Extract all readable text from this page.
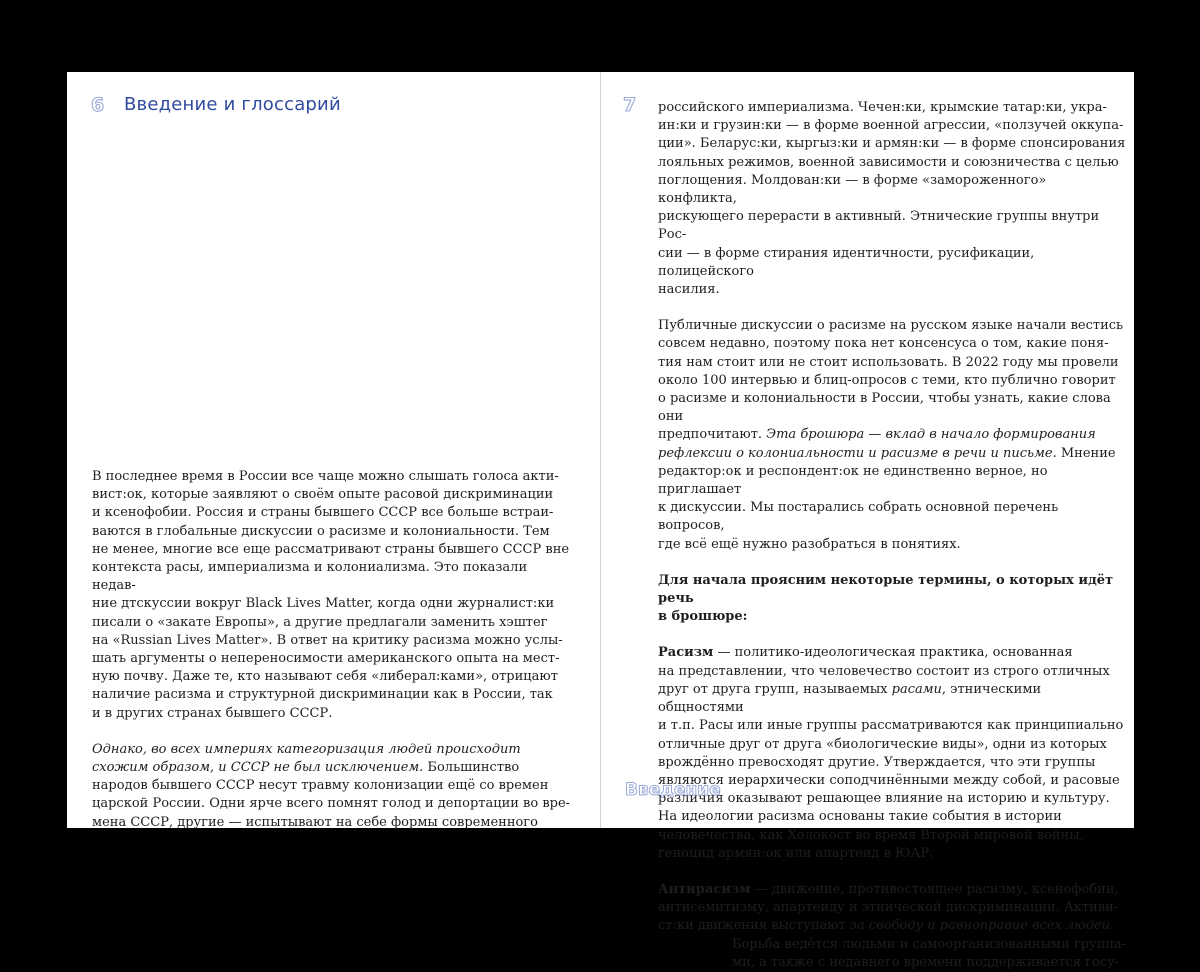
6 Введение и глоссарий

В последнее время в России все чаще можно слышать голоса акти-
вист:ок, которые заявляют о своём опыте расовой дискриминации
и ксенофобии. Россия и страны бывшего СССР все больше встраи-
ваются в глобальные дискуссии о расизме и колониальности. Тем
не менее, многие все еще рассматривают страны бывшего СССР вне
контекста расы, империализма и колониализма. Это показали недав-
ние дтскуссии вокруг Black Lives Matter, когда одни журналист:ки
писали о «закате Европы», а другие предлагали заменить хэштег
на «Russian Lives Matter». В ответ на критику расизма можно услы-
шать аргументы о непереносимости американского опыта на мест-
ную почву. Даже те, кто называют себя «либерал:ками», отрицают
наличие расизма и структурной дискриминации как в России, так
и в других странах бывшего СССР.

Однако, во всех империях категоризация людей происходит
схожим образом, и СССР не был исключением. Большинство
народов бывшего СССР несут травму колонизации ещё со времен
царской России. Одни ярче всего помнят голод и депортации во вре-
мена СССР, другие — испытывают на себе формы современного

7 российского империализма. Чечен:ки, крымские татар:ки, укра-
ин:ки и грузин:ки — в форме военной агрессии, «ползучей оккупа-
ции». Беларус:ки, кыргыз:ки и армян:ки — в форме спонсирования
лояльных режимов, военной зависимости и союзничества с целью
поглощения. Молдован:ки — в форме «замороженного» конфликта,
рискующего перерасти в активный. Этнические группы внутри Рос-
сии — в форме стирания идентичности, русификации, полицейского
насилия.

Публичные дискуссии о расизме на русском языке начали вестись
совсем недавно, поэтому пока нет консенсуса о том, какие поня-
тия нам стоит или не стоит использовать. В 2022 году мы провели
около 100 интервью и блиц-опросов с теми, кто публично говорит
о расизме и колониальности в России, чтобы узнать, какие слова они
предпочитают. Эта брошюра — вклад в начало формирования
рефлексии о колониальности и расизме в речи и письме. Мнение
редактор:ок и респондент:ок не единственно верное, но приглашает
к дискуссии. Мы постарались собрать основной перечень вопросов,
где всё ещё нужно разобраться в понятиях.

Для начала проясним некоторые термины, о которых идёт речь
в брошюре:

Расизм — политико-идеологическая практика, основанная
на представлении, что человечество состоит из строго отличных
друг от друга групп, называемых расами, этническими общностями
и т.п. Расы или иные группы рассматриваются как принципиально
отличные друг от друга «биологические виды», одни из которых
врождённо превосходят другие. Утверждается, что эти группы
являются иерархически соподчинёнными между собой, и расовые
различия оказывают решающее влияние на историю и культуру.
На идеологии расизма основаны такие события в истории
человечества, как Холокост во время Второй мировой войны,
геноцид армян:ок или апартеид в ЮАР.

Антирасизм — движение, противостоящее расизму, ксенофобии,
антисемитизму, апартеиду и этнической дискриминации. Активи-
ст:ки движения выступают за свободу и равноправие всех людей.

Борьба ведётся людьми и самоорганизованными группа-
ми, а также с недавнего времени поддерживается госу-

Введение
